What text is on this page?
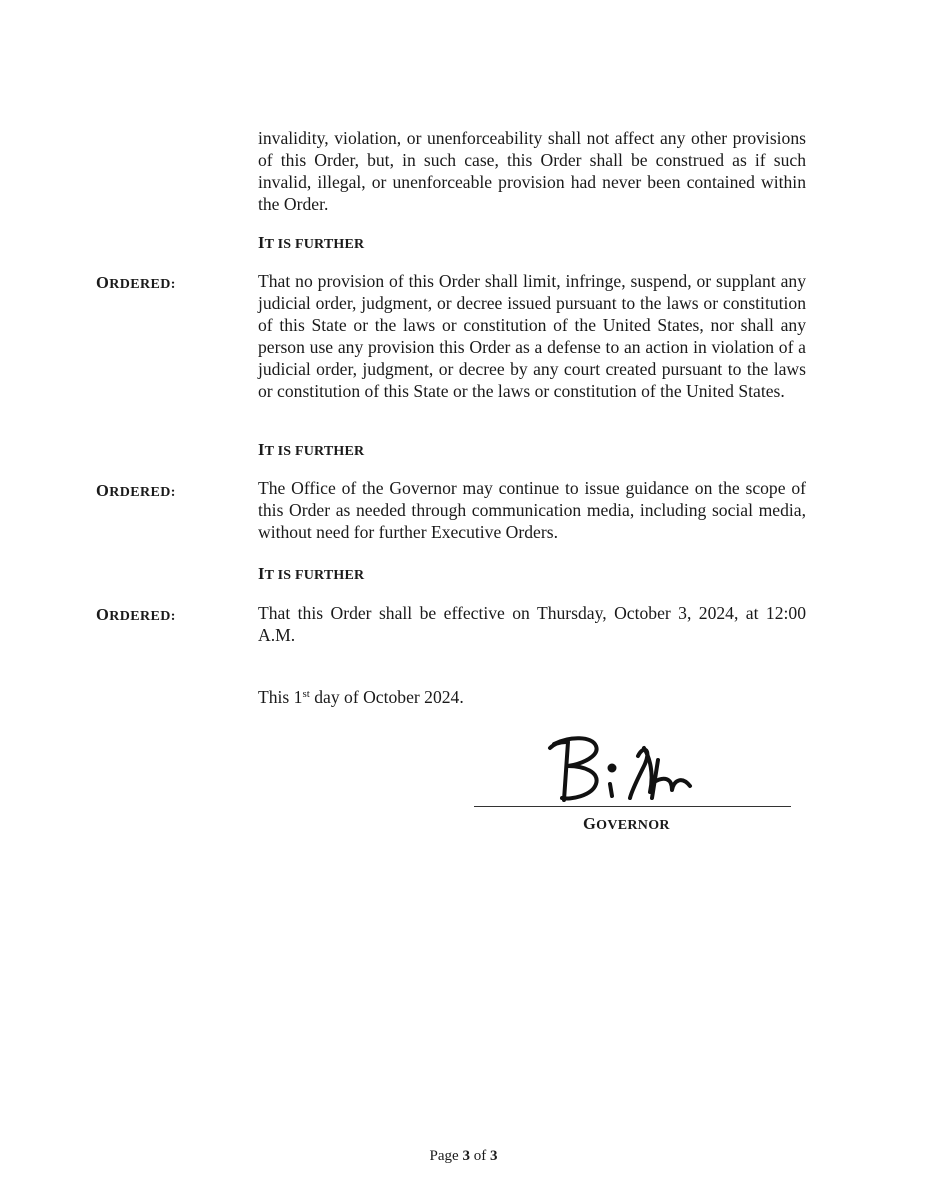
invalidity, violation, or unenforceability shall not affect any other provisions of this Order, but, in such case, this Order shall be construed as if such invalid, illegal, or unenforceable provision had never been contained within the Order.

IT IS FURTHER
ORDERED:	That no provision of this Order shall limit, infringe, suspend, or supplant any judicial order, judgment, or decree issued pursuant to the laws or constitution of this State or the laws or constitution of the United States, nor shall any person use any provision this Order as a defense to an action in violation of a judicial order, judgment, or decree by any court created pursuant to the laws or constitution of this State or the laws or constitution of the United States.

IT IS FURTHER
ORDERED:	The Office of the Governor may continue to issue guidance on the scope of this Order as needed through communication media, including social media, without need for further Executive Orders.

IT IS FURTHER
ORDERED:	That this Order shall be effective on Thursday, October 3, 2024, at 12:00 A.M.

This 1st day of October 2024.
GOVERNOR
Page 3 of 3
